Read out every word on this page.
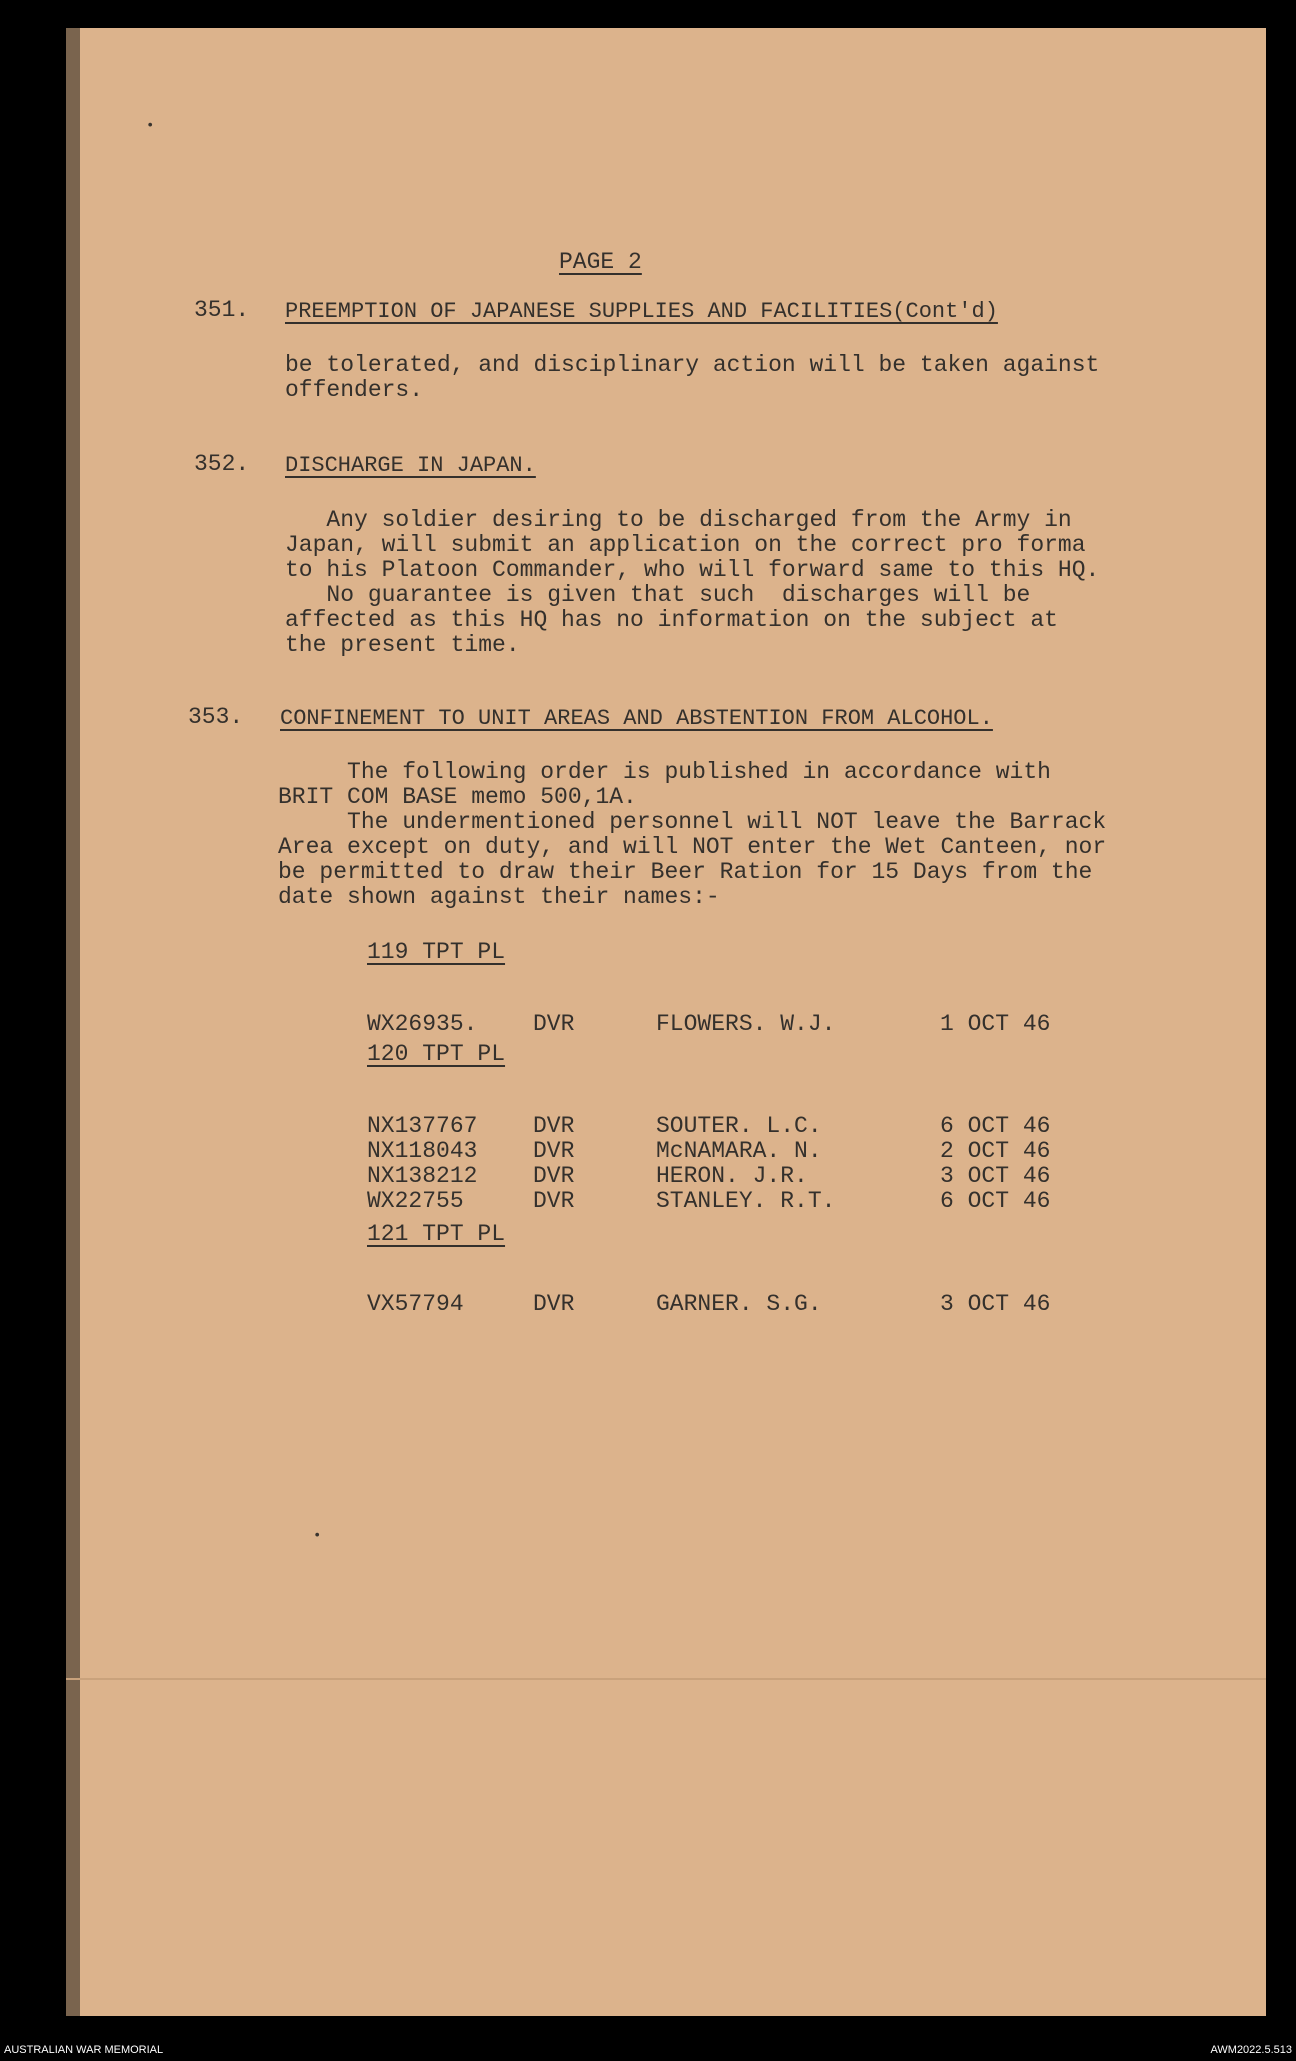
•
•
PAGE 2
351. PREEMPTION OF JAPANESE SUPPLIES AND FACILITIES(Cont'd)
be tolerated, and disciplinary action will be taken against
offenders.
352. DISCHARGE IN JAPAN.
Any soldier desiring to be discharged from the Army in
Japan, will submit an application on the correct pro forma
to his Platoon Commander, who will forward same to this HQ.
No guarantee is given that such  discharges will be
affected as this HQ has no information on the subject at
the present time.
353. CONFINEMENT TO UNIT AREAS AND ABSTENTION FROM ALCOHOL.
The following order is published in accordance with
BRIT COM BASE memo 500,1A.
The undermentioned personnel will NOT leave the Barrack
Area except on duty, and will NOT enter the Wet Canteen, nor
be permitted to draw their Beer Ration for 15 Days from the
date shown against their names:-
119 TPT PL
WX26935. DVR	FLOWERS. W.J.	1 OCT 46
120 TPT PL
NX137767 DVR	SOUTER. L.C.	6 OCT 46
NX118043 DVR	McNAMARA. N.	2 OCT 46
NX138212 DVR	HERON. J.R.	3 OCT 46
WX22755	DVR	STANLEY. R.T.	6 OCT 46
121 TPT PL
VX57794	DVR	GARNER. S.G.	3 OCT 46
AUSTRALIAN WAR MEMORIAL	AWM2022.5.513
